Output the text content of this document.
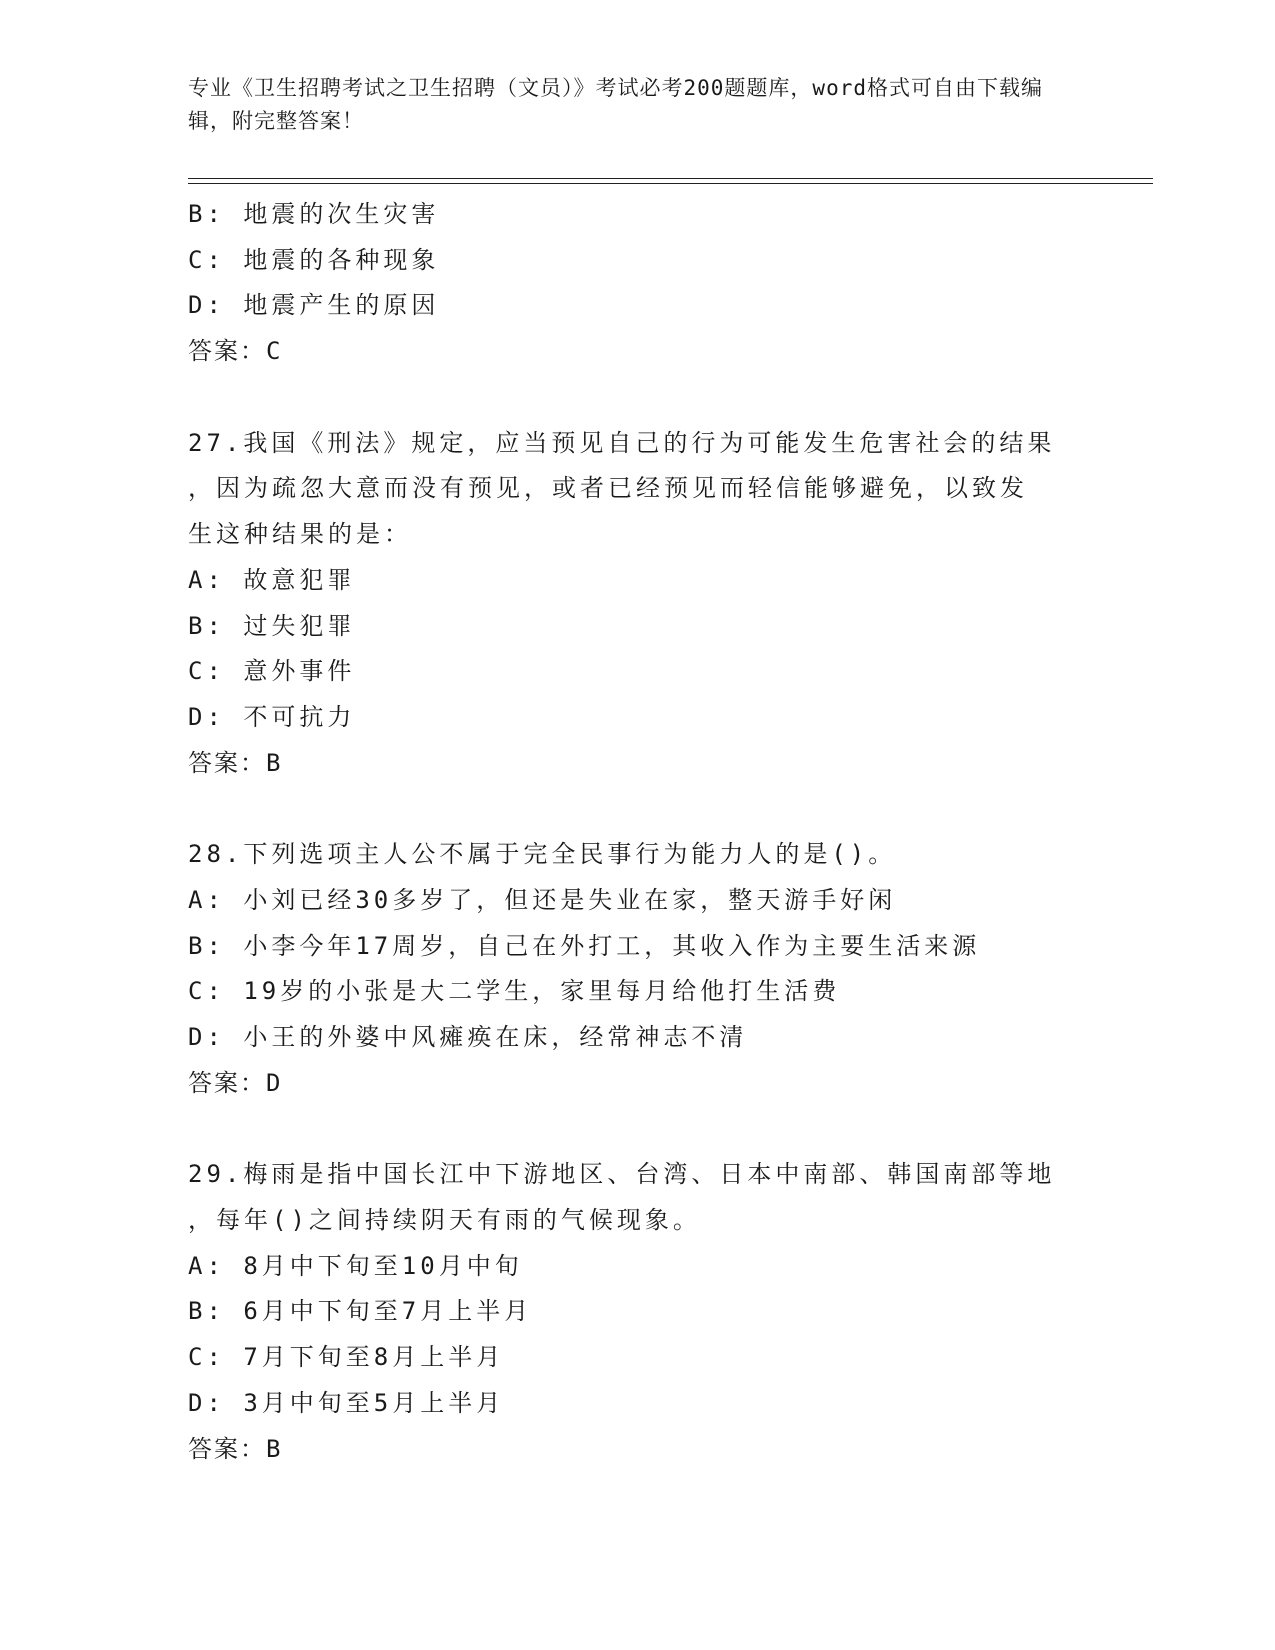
专业《卫生招聘考试之卫生招聘（文员）》考试必考200题题库，word格式可自由下载编辑，附完整答案！
B: 地震的次生灾害
C: 地震的各种现象
D: 地震产生的原因
答案：C
27.我国《刑法》规定，应当预见自己的行为可能发生危害社会的结果
，因为疏忽大意而没有预见，或者已经预见而轻信能够避免，以致发
生这种结果的是：
A: 故意犯罪
B: 过失犯罪
C: 意外事件
D: 不可抗力
答案：B
28.下列选项主人公不属于完全民事行为能力人的是()。
A: 小刘已经30多岁了，但还是失业在家，整天游手好闲
B: 小李今年17周岁，自己在外打工，其收入作为主要生活来源
C: 19岁的小张是大二学生，家里每月给他打生活费
D: 小王的外婆中风瘫痪在床，经常神志不清
答案：D
29.梅雨是指中国长江中下游地区、台湾、日本中南部、韩国南部等地
，每年()之间持续阴天有雨的气候现象。
A: 8月中下旬至10月中旬
B: 6月中下旬至7月上半月
C: 7月下旬至8月上半月
D: 3月中旬至5月上半月
答案：B
